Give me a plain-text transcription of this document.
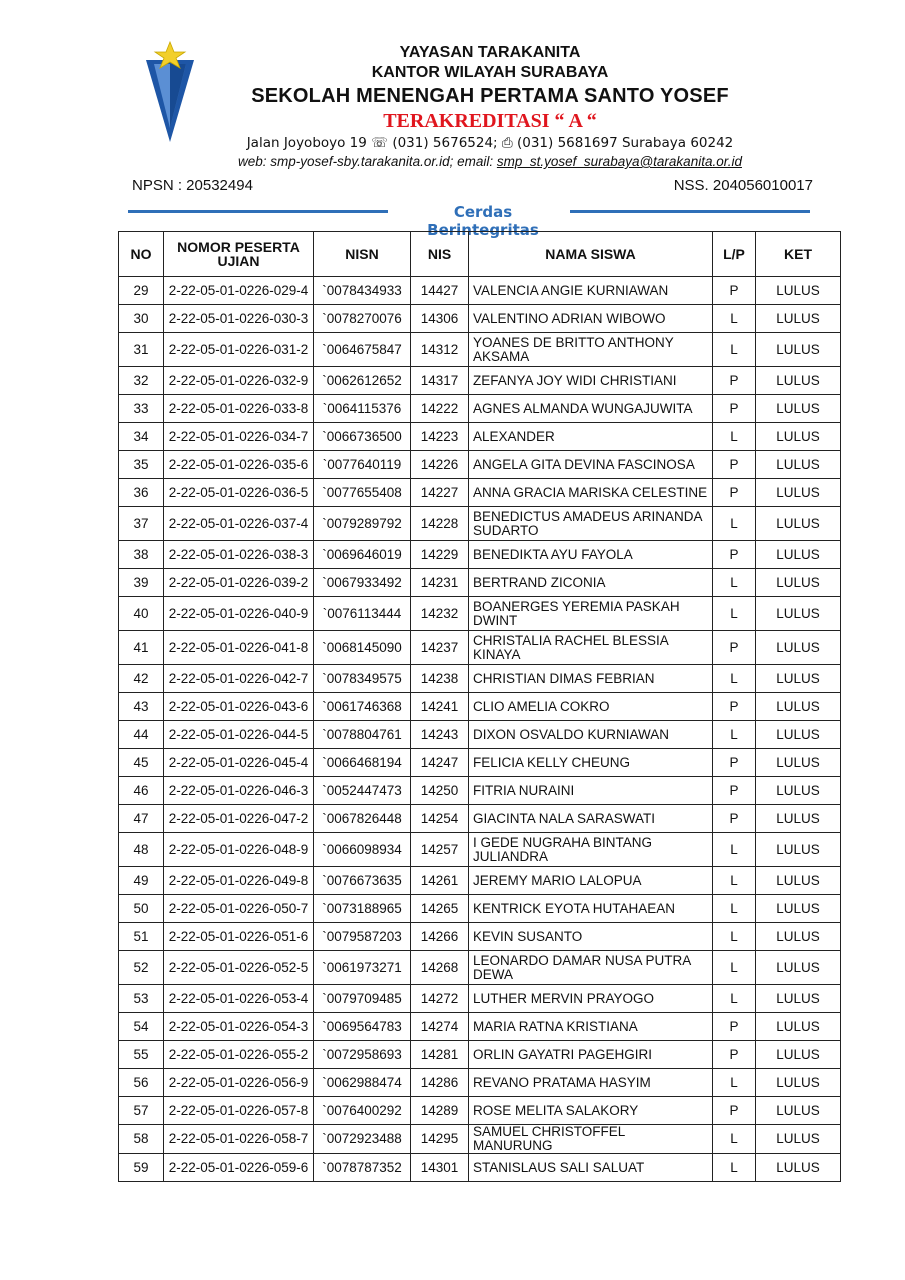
YAYASAN TARAKANITA
KANTOR WILAYAH SURABAYA
SEKOLAH MENENGAH PERTAMA SANTO YOSEF
TERAKREDITASI “ A “
Jalan Joyoboyo 19 ☏ (031) 5676524; ⎙ (031) 5681697 Surabaya 60242
web: smp-yosef-sby.tarakanita.or.id; email: smp_st.yosef_surabaya@tarakanita.or.id
NPSN : 20532494	NSS. 204056010017
Cerdas Berintegritas
NO	NOMOR PESERTA UJIAN	NISN	NIS	NAMA SISWA	L/P	KET
29	2-22-05-01-0226-029-4	`0078434933	14427	VALENCIA ANGIE KURNIAWAN	P	LULUS
30	2-22-05-01-0226-030-3	`0078270076	14306	VALENTINO ADRIAN WIBOWO	L	LULUS
31	2-22-05-01-0226-031-2	`0064675847	14312	YOANES DE BRITTO ANTHONY AKSAMA	L	LULUS
32	2-22-05-01-0226-032-9	`0062612652	14317	ZEFANYA JOY WIDI CHRISTIANI	P	LULUS
33	2-22-05-01-0226-033-8	`0064115376	14222	AGNES ALMANDA WUNGAJUWITA	P	LULUS
34	2-22-05-01-0226-034-7	`0066736500	14223	ALEXANDER	L	LULUS
35	2-22-05-01-0226-035-6	`0077640119	14226	ANGELA GITA DEVINA FASCINOSA	P	LULUS
36	2-22-05-01-0226-036-5	`0077655408	14227	ANNA GRACIA MARISKA CELESTINE	P	LULUS
37	2-22-05-01-0226-037-4	`0079289792	14228	BENEDICTUS AMADEUS ARINANDA SUDARTO	L	LULUS
38	2-22-05-01-0226-038-3	`0069646019	14229	BENEDIKTA AYU FAYOLA	P	LULUS
39	2-22-05-01-0226-039-2	`0067933492	14231	BERTRAND ZICONIA	L	LULUS
40	2-22-05-01-0226-040-9	`0076113444	14232	BOANERGES YEREMIA PASKAH DWINT	L	LULUS
41	2-22-05-01-0226-041-8	`0068145090	14237	CHRISTALIA RACHEL BLESSIA KINAYA	P	LULUS
42	2-22-05-01-0226-042-7	`0078349575	14238	CHRISTIAN DIMAS FEBRIAN	L	LULUS
43	2-22-05-01-0226-043-6	`0061746368	14241	CLIO AMELIA COKRO	P	LULUS
44	2-22-05-01-0226-044-5	`0078804761	14243	DIXON OSVALDO KURNIAWAN	L	LULUS
45	2-22-05-01-0226-045-4	`0066468194	14247	FELICIA KELLY CHEUNG	P	LULUS
46	2-22-05-01-0226-046-3	`0052447473	14250	FITRIA NURAINI	P	LULUS
47	2-22-05-01-0226-047-2	`0067826448	14254	GIACINTA NALA SARASWATI	P	LULUS
48	2-22-05-01-0226-048-9	`0066098934	14257	I GEDE NUGRAHA BINTANG JULIANDRA	L	LULUS
49	2-22-05-01-0226-049-8	`0076673635	14261	JEREMY MARIO LALOPUA	L	LULUS
50	2-22-05-01-0226-050-7	`0073188965	14265	KENTRICK EYOTA HUTAHAEAN	L	LULUS
51	2-22-05-01-0226-051-6	`0079587203	14266	KEVIN SUSANTO	L	LULUS
52	2-22-05-01-0226-052-5	`0061973271	14268	LEONARDO DAMAR NUSA PUTRA DEWA	L	LULUS
53	2-22-05-01-0226-053-4	`0079709485	14272	LUTHER MERVIN PRAYOGO	L	LULUS
54	2-22-05-01-0226-054-3	`0069564783	14274	MARIA RATNA KRISTIANA	P	LULUS
55	2-22-05-01-0226-055-2	`0072958693	14281	ORLIN GAYATRI PAGEHGIRI	P	LULUS
56	2-22-05-01-0226-056-9	`0062988474	14286	REVANO PRATAMA HASYIM	L	LULUS
57	2-22-05-01-0226-057-8	`0076400292	14289	ROSE MELITA SALAKORY	P	LULUS
58	2-22-05-01-0226-058-7	`0072923488	14295	SAMUEL CHRISTOFFEL MANURUNG	L	LULUS
59	2-22-05-01-0226-059-6	`0078787352	14301	STANISLAUS SALI SALUAT	L	LULUS
